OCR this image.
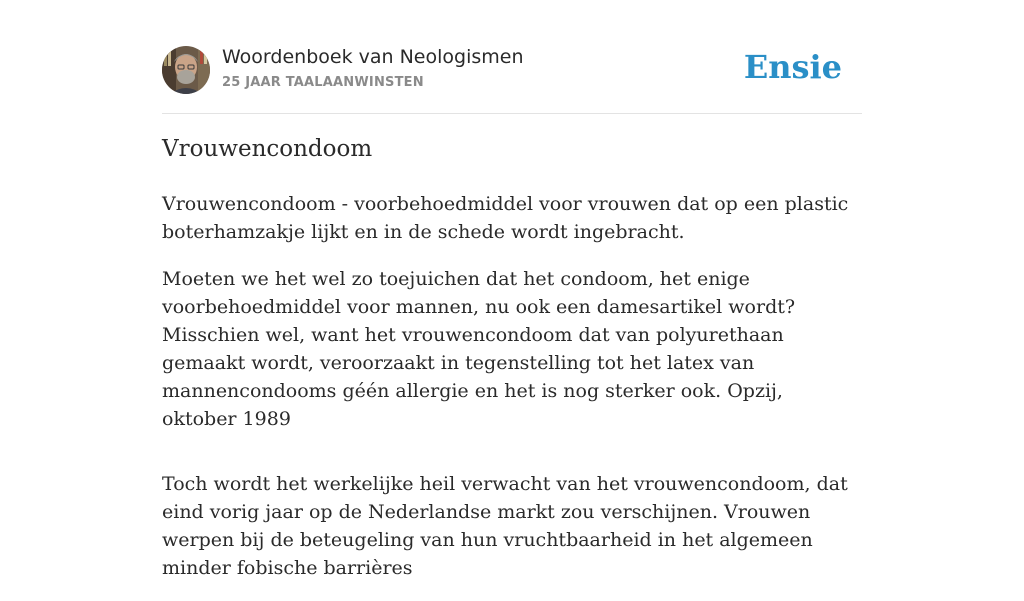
Woordenboek van Neologismen
25 JAAR TAALAANWINSTEN	Ensie
Vrouwencondoom

Vrouwencondoom - voorbehoedmiddel voor vrouwen dat op een plastic boterhamzakje lijkt en in de schede wordt ingebracht.

Moeten we het wel zo toejuichen dat het condoom, het enige voorbehoedmiddel voor mannen, nu ook een damesartikel wordt? Misschien wel, want het vrouwencondoom dat van polyurethaan gemaakt wordt, veroorzaakt in tegenstelling tot het latex van mannencondooms géén allergie en het is nog sterker ook. Opzij, oktober 1989

Toch wordt het werkelijke heil verwacht van het vrouwencondoom, dat eind vorig jaar op de Nederlandse markt zou verschijnen. Vrouwen werpen bij de beteugeling van hun vruchtbaarheid in het algemeen minder fobische barrières
